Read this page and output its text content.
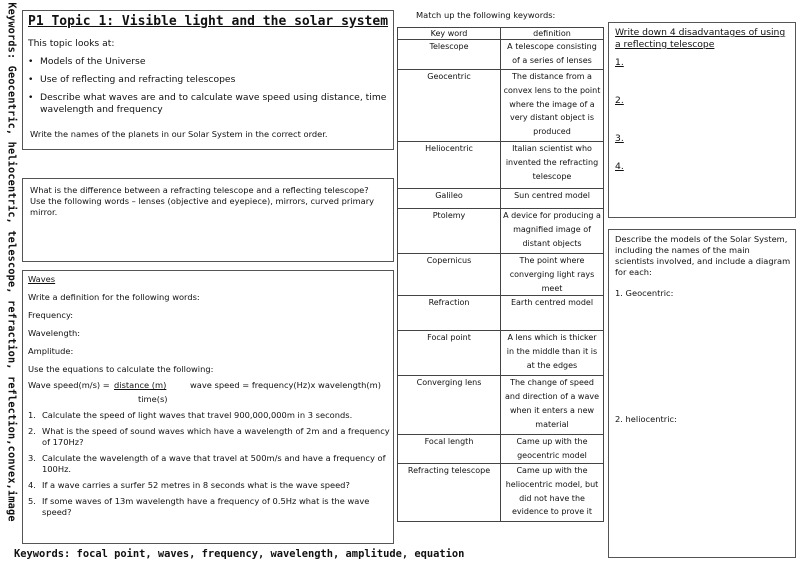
Keywords: Geocentric, heliocentric, telescope, refraction, reflection,convex,image P1 Topic 1: Visible light and the solar system
This topic looks at:
• Models of the Universe
• Use of reflecting and refracting telescopes
• Describe what waves are and to calculate wave speed using distance, time wavelength and frequency
Write the names of the planets in our Solar System in the correct order.
What is the difference between a refracting telescope and a reflecting telescope? Use the following words – lenses (objective and eyepiece), mirrors, curved primary mirror.
Waves
Write a definition for the following words:
Frequency:
Wavelength:
Amplitude:
Use the equations to calculate the following:
Wave speed(m/s) = distance (m)	wave speed = frequency(Hz)x wavelength(m)
time(s)
1. Calculate the speed of light waves that travel 900,000,000m in 3 seconds.
2. What is the speed of sound waves which have a wavelength of 2m and a frequency of 170Hz?
3. Calculate the wavelength of a wave that travel at 500m/s and have a frequency of 100Hz.
4. If a wave carries a surfer 52 metres in 8 seconds what is the wave speed?
5. If some waves of 13m wavelength have a frequency of 0.5Hz what is the wave speed?
Match up the following keywords:
Key word	definition
Telescope	A telescope consisting of a series of lenses
Geocentric	The distance from a convex lens to the point where the image of a very distant object is produced
Heliocentric	Italian scientist who invented the refracting telescope
Galileo	Sun centred model
Ptolemy	A device for producing a magnified image of distant objects
Copernicus	The point where converging light rays meet
Refraction	Earth centred model
Focal point	A lens which is thicker in the middle than it is at the edges
Converging lens	The change of speed and direction of a wave when it enters a new material
Focal length	Came up with the geocentric model
Refracting telescope	Came up with the heliocentric model, but did not have the evidence to prove it
Write down 4 disadvantages of using a reflecting telescope
1.
2.
3.
4.
Describe the models of the Solar System, including the names of the main scientists involved, and include a diagram for each:
1. Geocentric:
2. heliocentric:
Keywords: focal point, waves, frequency, wavelength, amplitude, equation
